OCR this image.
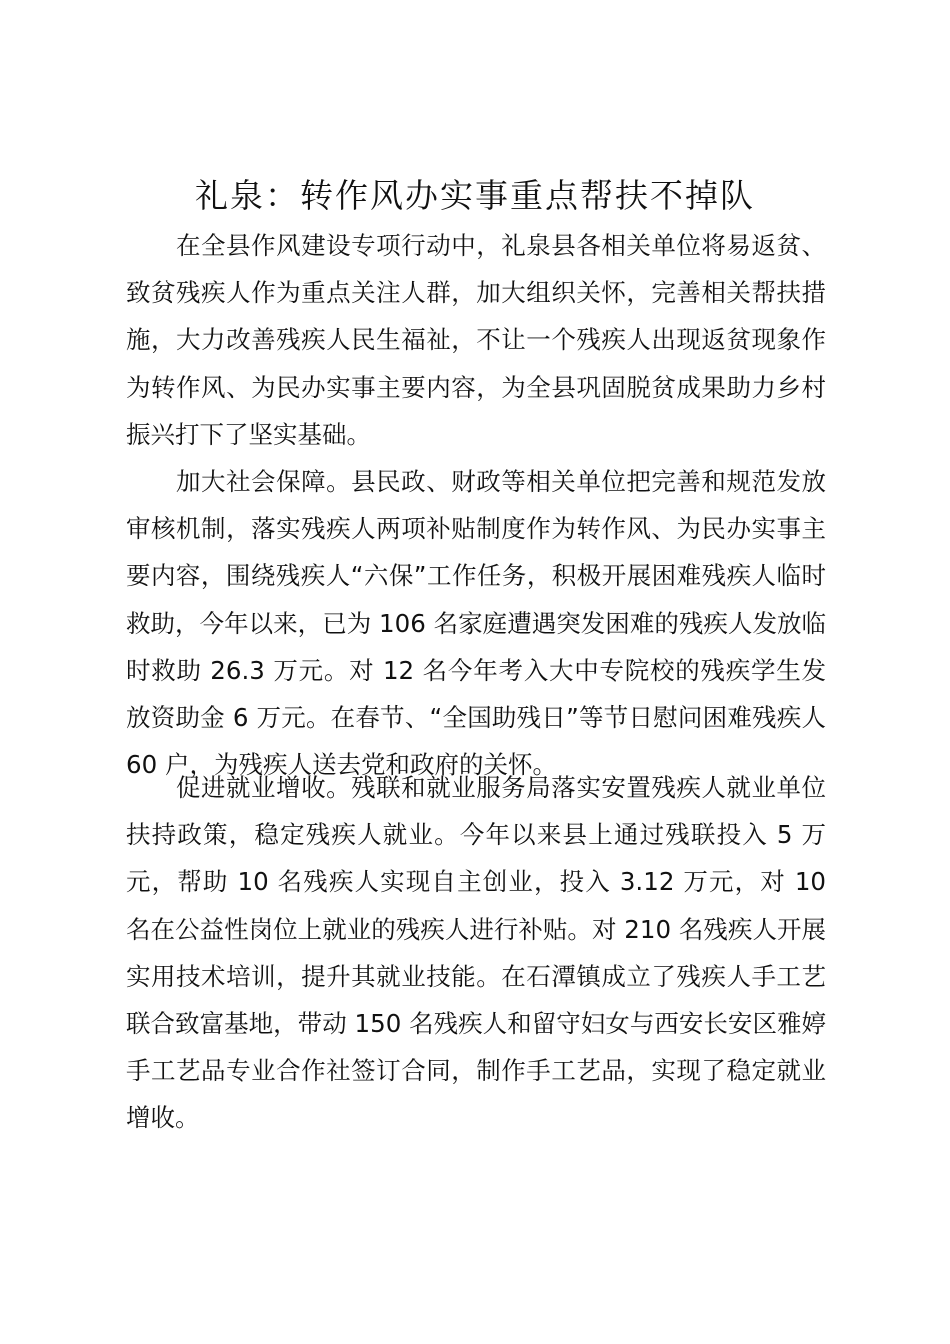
礼泉：转作风办实事重点帮扶不掉队

在全县作风建设专项行动中，礼泉县各相关单位将易返贫、致贫残疾人作为重点关注人群，加大组织关怀，完善相关帮扶措施，大力改善残疾人民生福祉，不让一个残疾人出现返贫现象作为转作风、为民办实事主要内容，为全县巩固脱贫成果助力乡村振兴打下了坚实基础。

加大社会保障。县民政、财政等相关单位把完善和规范发放审核机制，落实残疾人两项补贴制度作为转作风、为民办实事主要内容，围绕残疾人“六保”工作任务，积极开展困难残疾人临时救助，今年以来，已为 106 名家庭遭遇突发困难的残疾人发放临时救助 26.3 万元。对 12 名今年考入大中专院校的残疾学生发放资助金 6 万元。在春节、“全国助残日”等节日慰问困难残疾人 60 户，为残疾人送去党和政府的关怀。

促进就业增收。残联和就业服务局落实安置残疾人就业单位扶持政策，稳定残疾人就业。今年以来县上通过残联投入 5 万元，帮助 10 名残疾人实现自主创业，投入 3.12 万元，对 10 名在公益性岗位上就业的残疾人进行补贴。对 210 名残疾人开展实用技术培训，提升其就业技能。在石潭镇成立了残疾人手工艺联合致富基地，带动 150 名残疾人和留守妇女与西安长安区雅婷手工艺品专业合作社签订合同，制作手工艺品，实现了稳定就业增收。
